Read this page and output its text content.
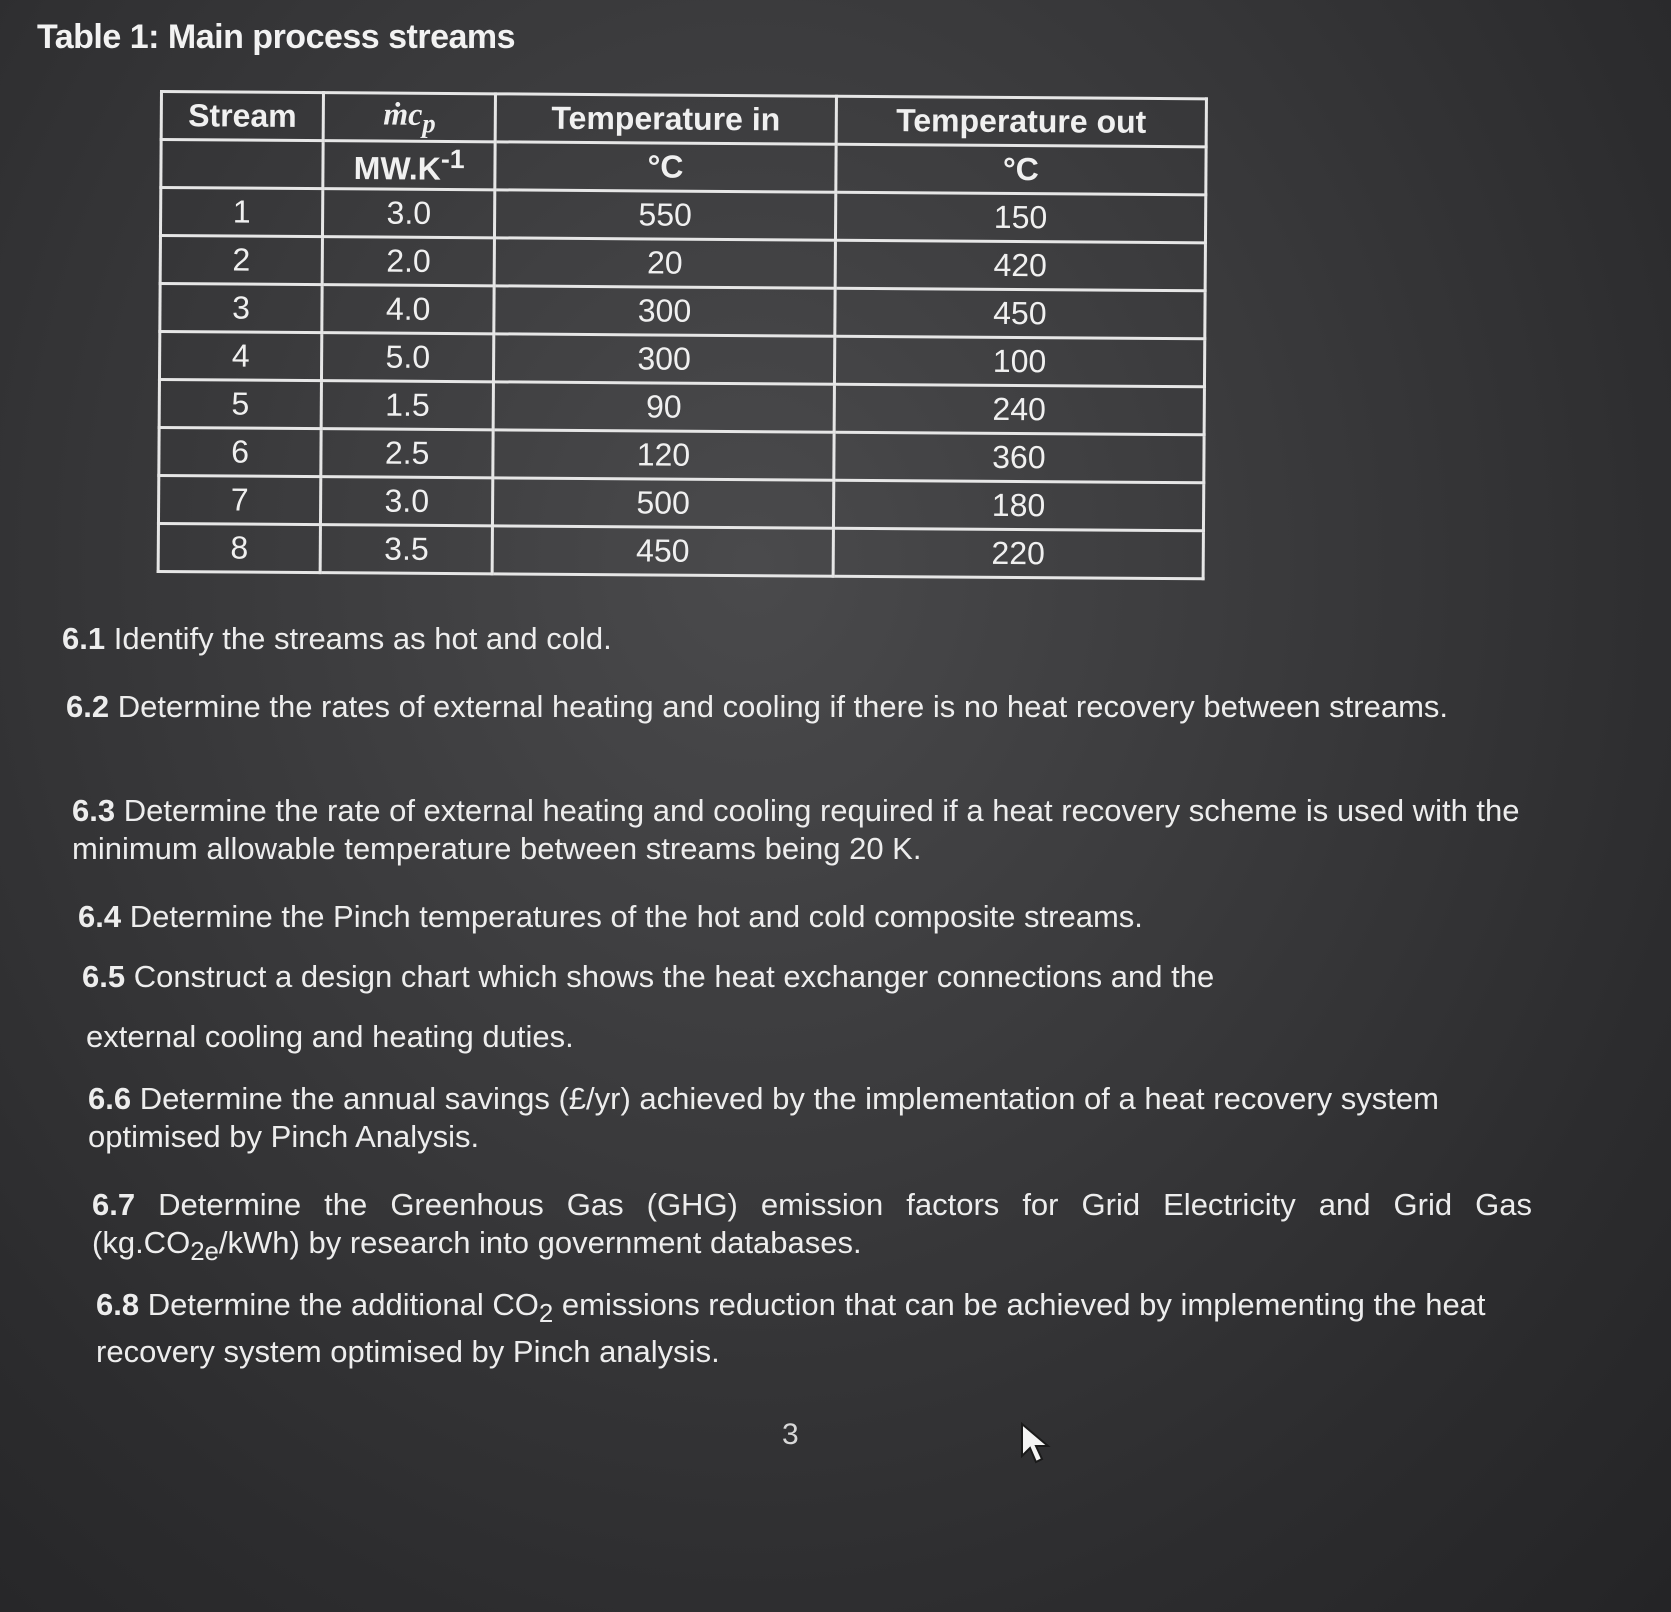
Table 1: Main process streams
Stream	ṁc$_p$	Temperature in	Temperature out
	$MW.K^{-1}$	°C	°C
1	3.0	550	150
2	2.0	20	420
3	4.0	300	450
4	5.0	300	100
5	1.5	90	240
6	2.5	120	360
7	3.0	500	180
8	3.5	450	220

6.1 Identify the streams as hot and cold.

6.2 Determine the rates of external heating and cooling if there is no heat recovery between streams.

6.3 Determine the rate of external heating and cooling required if a heat recovery scheme is used with the minimum allowable temperature between streams being 20 K.

6.4 Determine the Pinch temperatures of the hot and cold composite streams.

6.5 Construct a design chart which shows the heat exchanger connections and the

external cooling and heating duties.

6.6 Determine the annual savings (£/yr) achieved by the implementation of a heat recovery system optimised by Pinch Analysis.

6.7 Determine the Greenhous Gas (GHG) emission factors for Grid Electricity and Grid Gas $(kg.CO_{2e}/kWh)$ by research into government databases.

6.8 Determine the additional $CO_2$ emissions reduction that can be achieved by implementing the heat recovery system optimised by Pinch analysis.

3
